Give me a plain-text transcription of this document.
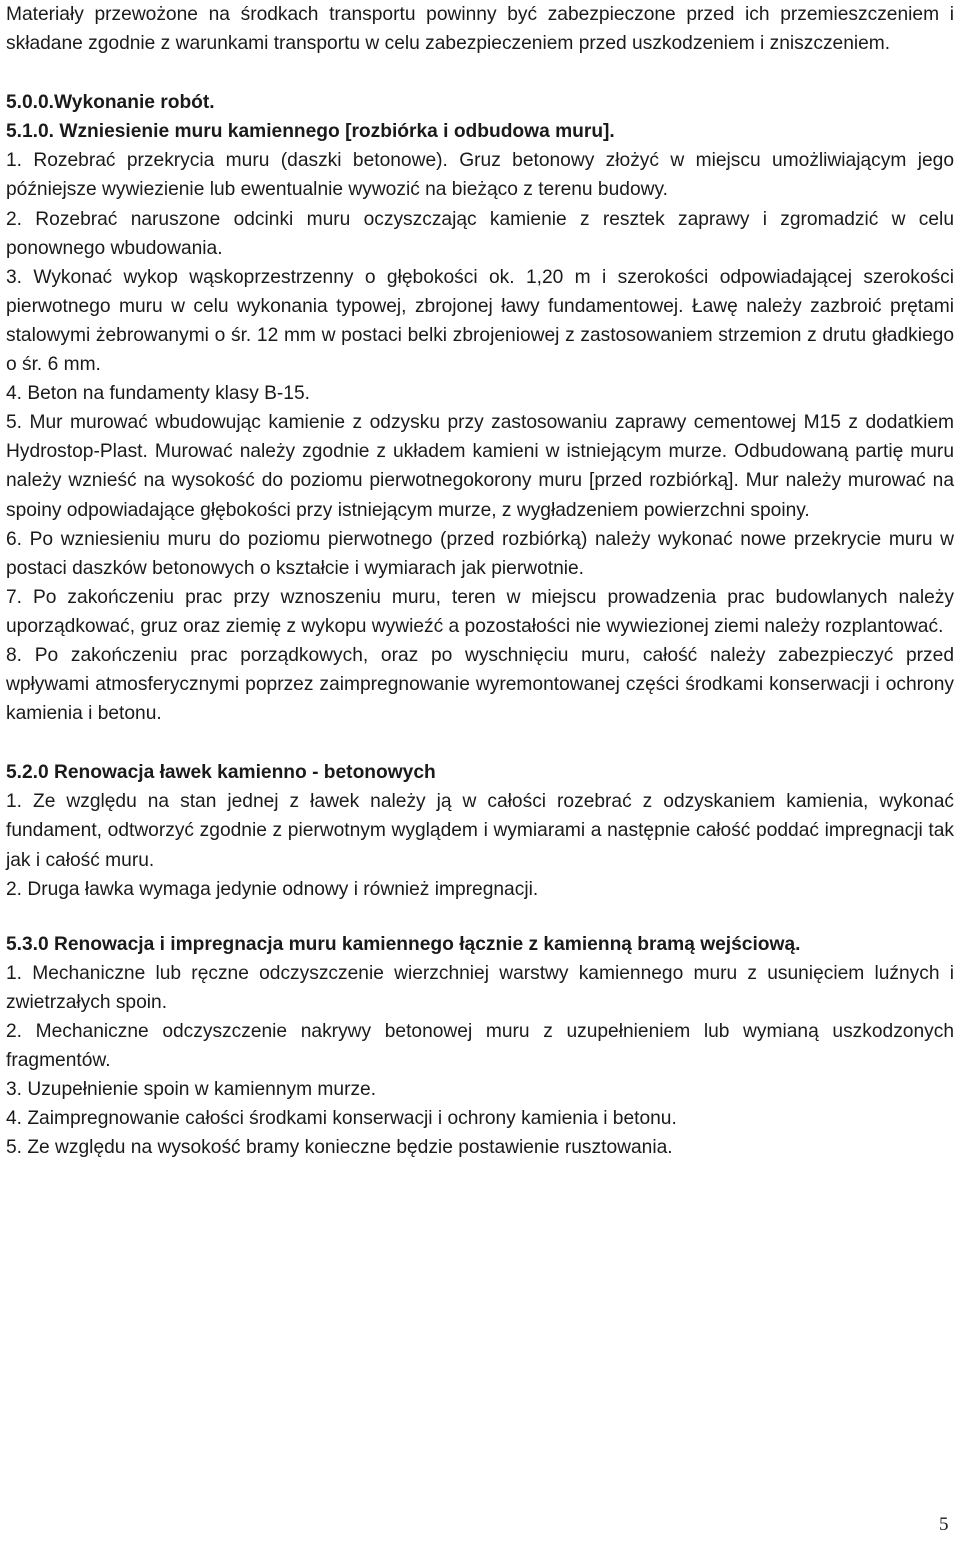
Materiały przewożone na środkach transportu powinny być zabezpieczone przed ich przemieszczeniem i składane zgodnie z warunkami transportu w celu zabezpieczeniem przed uszkodzeniem i zniszczeniem.

5.0.0.Wykonanie robót.
5.1.0. Wzniesienie muru kamiennego [rozbiórka i odbudowa muru].

1. Rozebrać przekrycia muru (daszki betonowe). Gruz betonowy złożyć w miejscu umożliwiającym jego późniejsze wywiezienie lub ewentualnie wywozić na bieżąco z terenu budowy.

2. Rozebrać naruszone odcinki muru oczyszczając kamienie z resztek zaprawy i zgromadzić w celu ponownego wbudowania.

3. Wykonać wykop wąskoprzestrzenny o głębokości ok. 1,20 m i szerokości odpowiadającej szerokości pierwotnego muru w celu wykonania typowej, zbrojonej ławy fundamentowej. Ławę należy zazbroić prętami stalowymi żebrowanymi o śr. 12 mm w postaci belki zbrojeniowej z zastosowaniem strzemion z drutu gładkiego o śr. 6 mm.

4. Beton na fundamenty klasy B-15.

5. Mur murować wbudowując kamienie z odzysku przy zastosowaniu zaprawy cementowej M15 z dodatkiem Hydrostop-Plast. Murować należy zgodnie z układem kamieni w istniejącym murze. Odbudowaną partię muru należy wznieść na wysokość do poziomu pierwotnegokorony muru [przed rozbiórką]. Mur należy murować na spoiny odpowiadające głębokości przy istniejącym murze, z wygładzeniem powierzchni spoiny.

6. Po wzniesieniu muru do poziomu pierwotnego (przed rozbiórką) należy wykonać nowe przekrycie muru w postaci daszków betonowych o kształcie i wymiarach jak pierwotnie.

7. Po zakończeniu prac przy wznoszeniu muru, teren w miejscu prowadzenia prac budowlanych należy uporządkować, gruz oraz ziemię z wykopu wywieźć a pozostałości nie wywiezionej ziemi należy rozplantować.

8. Po zakończeniu prac porządkowych, oraz po wyschnięciu muru, całość należy zabezpieczyć przed wpływami atmosferycznymi poprzez zaimpregnowanie wyremontowanej części środkami konserwacji i ochrony kamienia i betonu.

5.2.0 Renowacja ławek kamienno - betonowych

1. Ze względu na stan jednej z ławek należy ją w całości rozebrać z odzyskaniem kamienia, wykonać fundament, odtworzyć zgodnie z pierwotnym wyglądem i wymiarami a następnie całość poddać impregnacji tak jak i całość muru.

2. Druga ławka wymaga jedynie odnowy i również impregnacji.

5.3.0 Renowacja i impregnacja muru kamiennego łącznie z kamienną bramą wejściową.

1. Mechaniczne lub ręczne odczyszczenie wierzchniej warstwy kamiennego muru z usunięciem luźnych i zwietrzałych spoin.

2. Mechaniczne odczyszczenie nakrywy betonowej muru z uzupełnieniem lub wymianą uszkodzonych fragmentów.

3. Uzupełnienie spoin w kamiennym murze.

4. Zaimpregnowanie całości środkami konserwacji i ochrony kamienia i betonu.

5. Ze względu na wysokość bramy konieczne będzie postawienie rusztowania.

5
